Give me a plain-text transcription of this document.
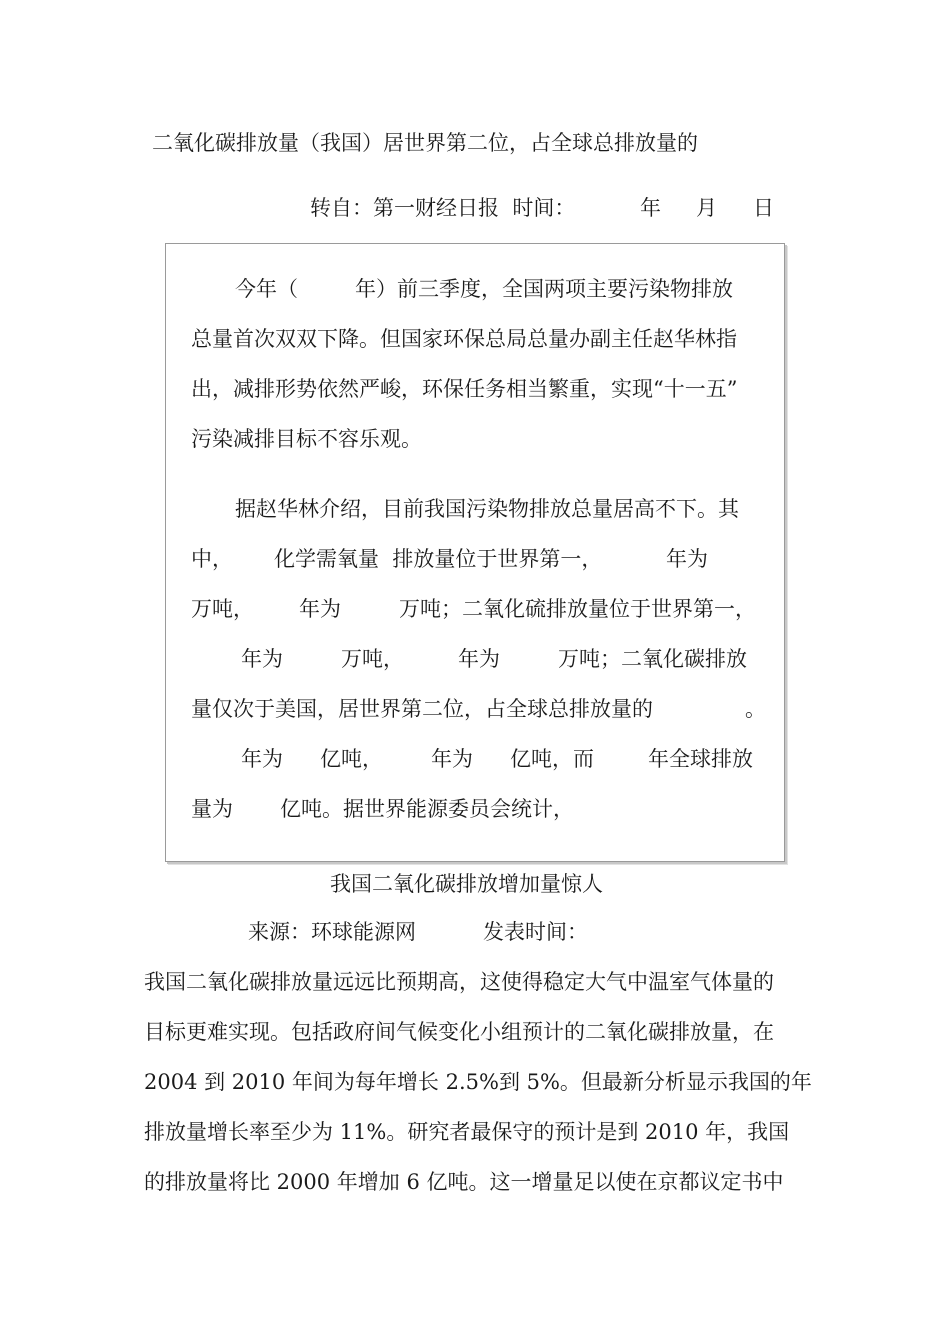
二氧化碳排放量（我国）居世界第二位，占全球总排放量的
转自：第一财经日报  时间：	年 月 日
今年（	年）前三季度，全国两项主要污染物排放
总量首次双双下降。但国家环保总局总量办副主任赵华林指
出，减排形势依然严峻，环保任务相当繁重，实现“十一五”
污染减排目标不容乐观。
据赵华林介绍，目前我国污染物排放总量居高不下。其
中， 化学需氧量  排放量位于世界第一，	年为
万吨， 年为	万吨；二氧化硫排放量位于世界第一，
年为	万吨，	年为	万吨；二氧化碳排放
量仅次于美国，居世界第二位，占全球总排放量的	。
年为 亿吨， 年为 亿吨，而	年全球排放
量为 亿吨。据世界能源委员会统计，
我国二氧化碳排放增加量惊人
来源：环球能源网	发表时间：
我国二氧化碳排放量远远比预期高，这使得稳定大气中温室气体量的
目标更难实现。包括政府间气候变化小组预计的二氧化碳排放量，在
2004 到 2010 年间为每年增长 2.5%到 5%。但最新分析显示我国的年
排放量增长率至少为 11%。研究者最保守的预计是到 2010 年，我国
的排放量将比 2000 年增加 6 亿吨。这一增量足以使在京都议定书中
